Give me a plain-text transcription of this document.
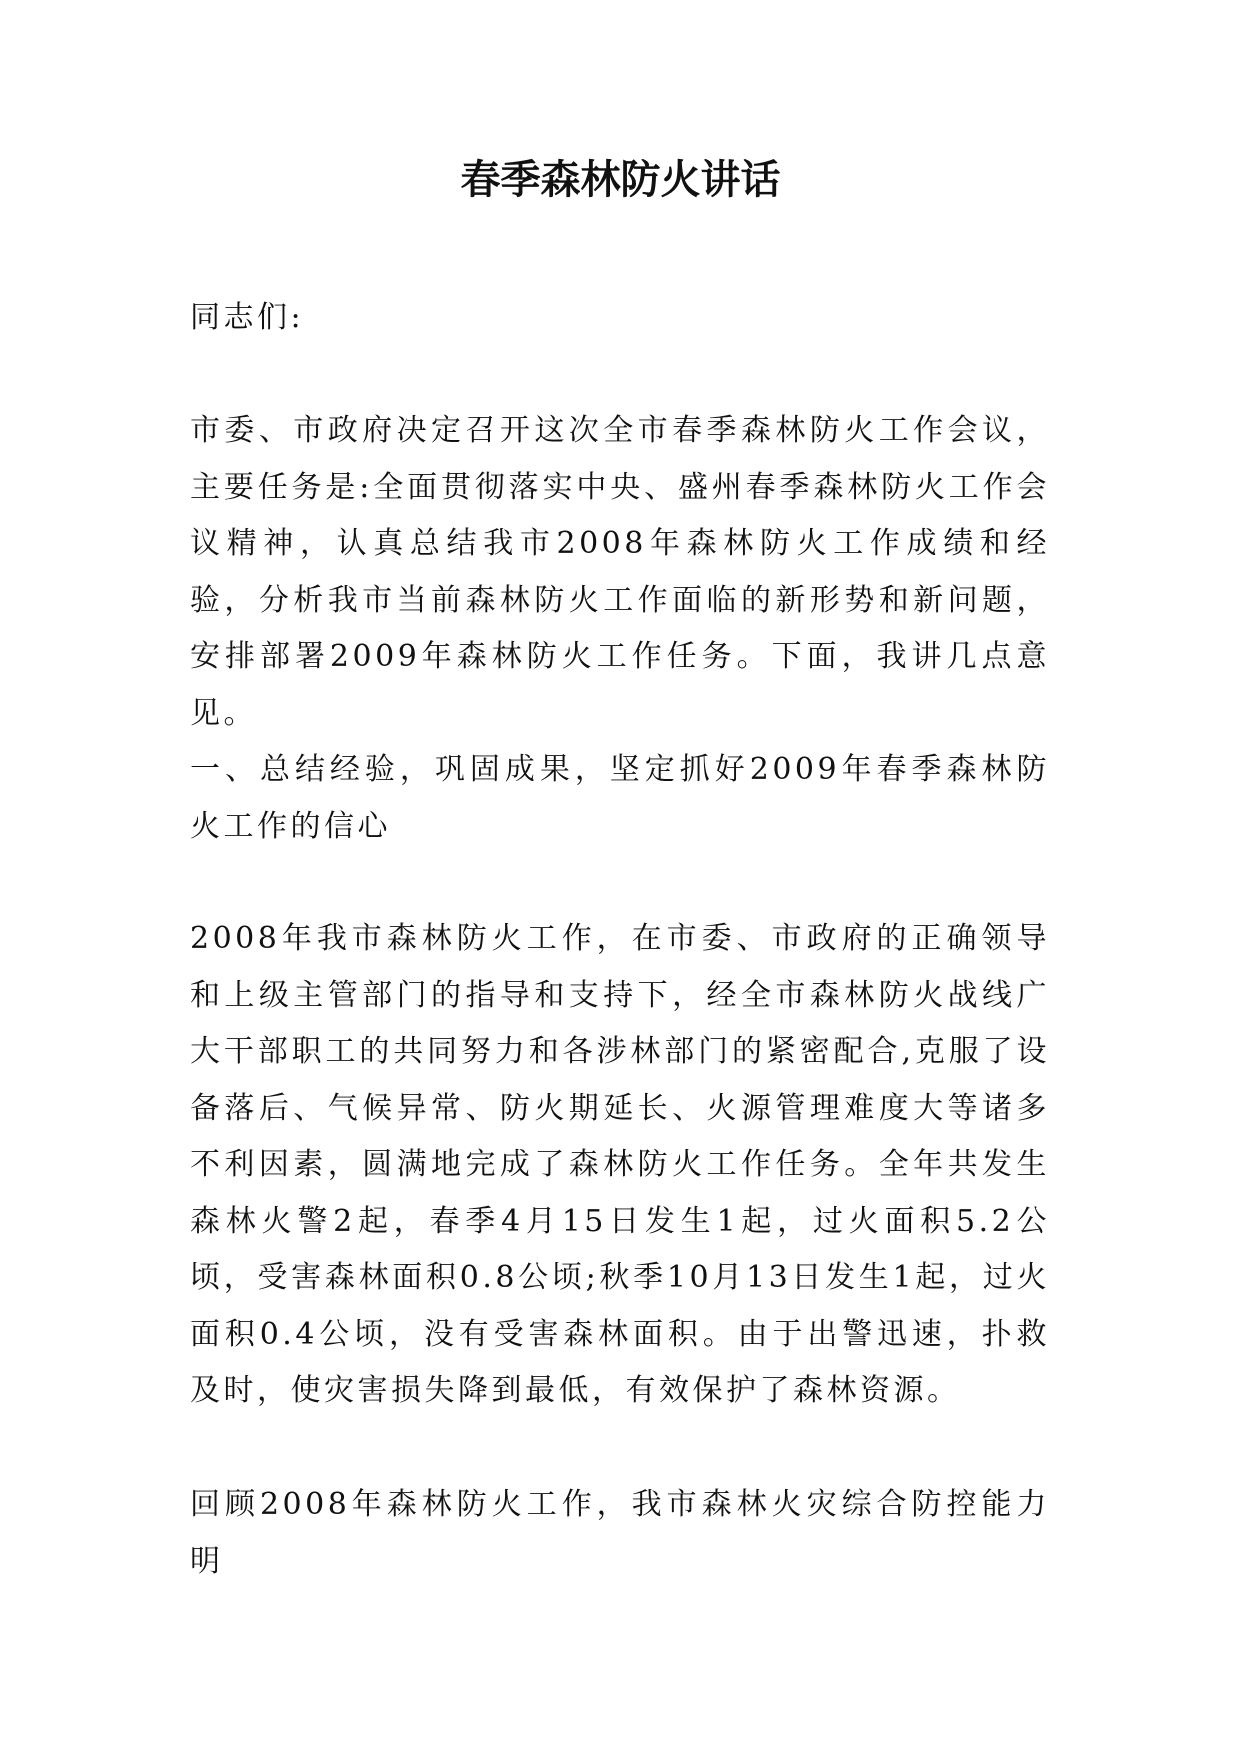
春季森林防火讲话

同志们:

市委、市政府决定召开这次全市春季森林防火工作会议，主要任务是:全面贯彻落实中央、盛州春季森林防火工作会议精神，认真总结我市2008年森林防火工作成绩和经验，分析我市当前森林防火工作面临的新形势和新问题，安排部署2009年森林防火工作任务。下面，我讲几点意见。

一、总结经验，巩固成果，坚定抓好2009年春季森林防火工作的信心

2008年我市森林防火工作，在市委、市政府的正确领导和上级主管部门的指导和支持下，经全市森林防火战线广大干部职工的共同努力和各涉林部门的紧密配合,克服了设备落后、气候异常、防火期延长、火源管理难度大等诸多不利因素，圆满地完成了森林防火工作任务。全年共发生森林火警2起，春季4月15日发生1起，过火面积5.2公顷，受害森林面积0.8公顷;秋季10月13日发生1起，过火面积0.4公顷，没有受害森林面积。由于出警迅速，扑救及时，使灾害损失降到最低，有效保护了森林资源。

回顾2008年森林防火工作，我市森林火灾综合防控能力明
